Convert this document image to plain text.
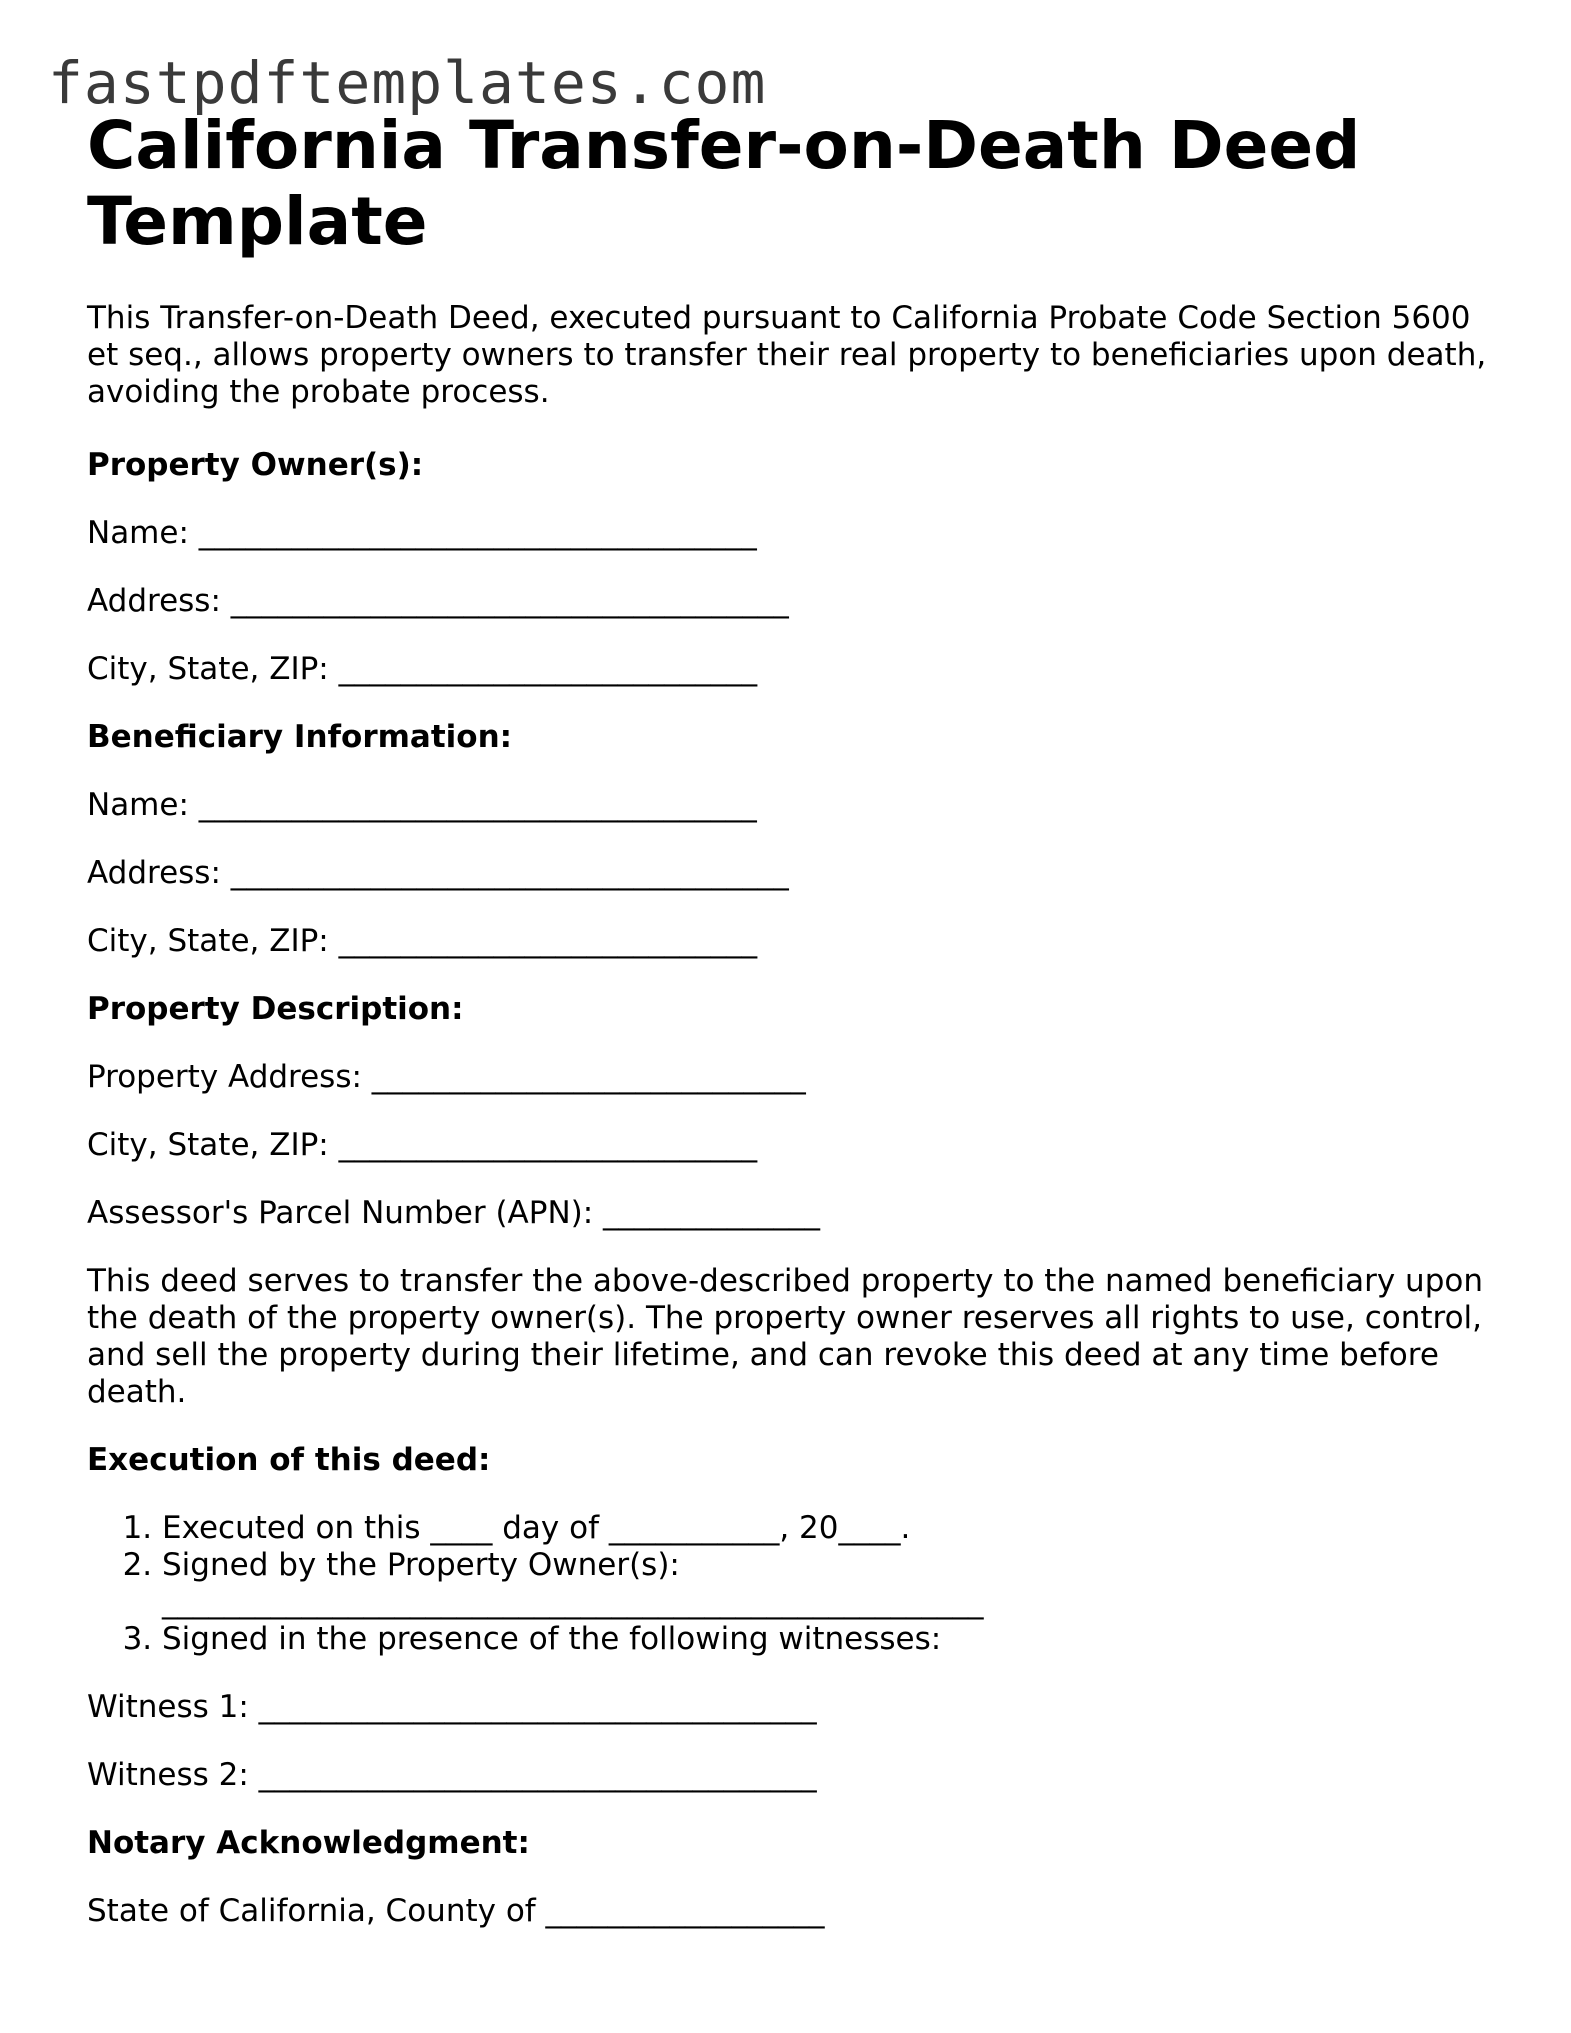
fastpdftemplates.com
California Transfer-on-Death Deed Template

This Transfer-on-Death Deed, executed pursuant to California Probate Code Section 5600 et seq., allows property owners to transfer their real property to beneficiaries upon death, avoiding the probate process.

Property Owner(s):

Name: ____________________________________

Address: ____________________________________

City, State, ZIP: ___________________________

Beneficiary Information:

Name: ____________________________________

Address: ____________________________________

City, State, ZIP: ___________________________

Property Description:

Property Address: ____________________________

City, State, ZIP: ___________________________

Assessor's Parcel Number (APN): ______________

This deed serves to transfer the above-described property to the named beneficiary upon the death of the property owner(s). The property owner reserves all rights to use, control, and sell the property during their lifetime, and can revoke this deed at any time before death.

Execution of this deed:

1. Executed on this ____ day of ___________, 20____.
2. Signed by the Property Owner(s): _____________________________________________________
3. Signed in the presence of the following witnesses:

Witness 1: ____________________________________

Witness 2: ____________________________________

Notary Acknowledgment:

State of California, County of __________________
